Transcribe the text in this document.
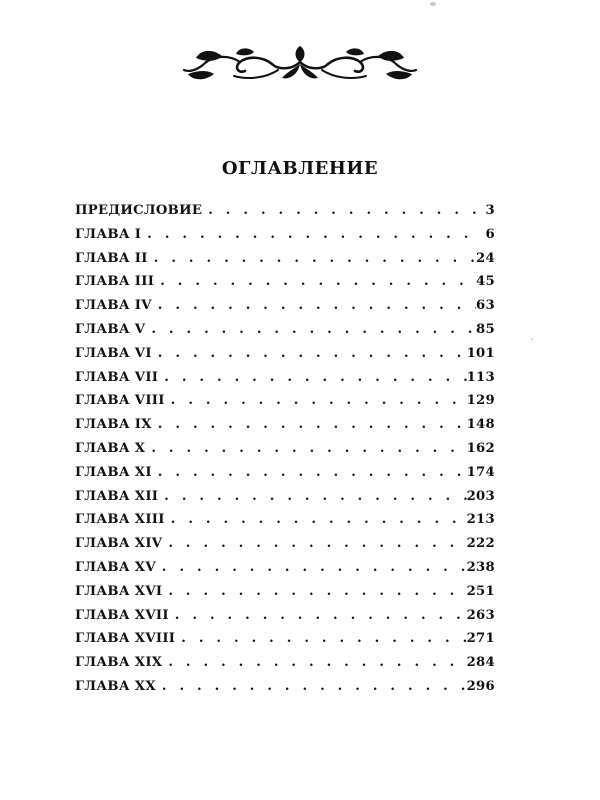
ОГЛАВЛЕНИЕ
ПРЕДИСЛОВИЕ . . .	3
ГЛАВА I . . .	6
ГЛАВА II . . .	24
ГЛАВА III . . .	45
ГЛАВА IV . . .	63
ГЛАВА V . . .	85
ГЛАВА VI . . .	101
ГЛАВА VII . . .	113
ГЛАВА VIII . . .	129
ГЛАВА IX . . .	148
ГЛАВА X . . .	162
ГЛАВА XI . . .	174
ГЛАВА XII . . .	203
ГЛАВА XIII . . .	213
ГЛАВА XIV . . .	222
ГЛАВА XV . . .	238
ГЛАВА XVI . . .	251
ГЛАВА XVII . . .	263
ГЛАВА XVIII . . .	271
ГЛАВА XIX . . .	284
ГЛАВА XX . . .	296
